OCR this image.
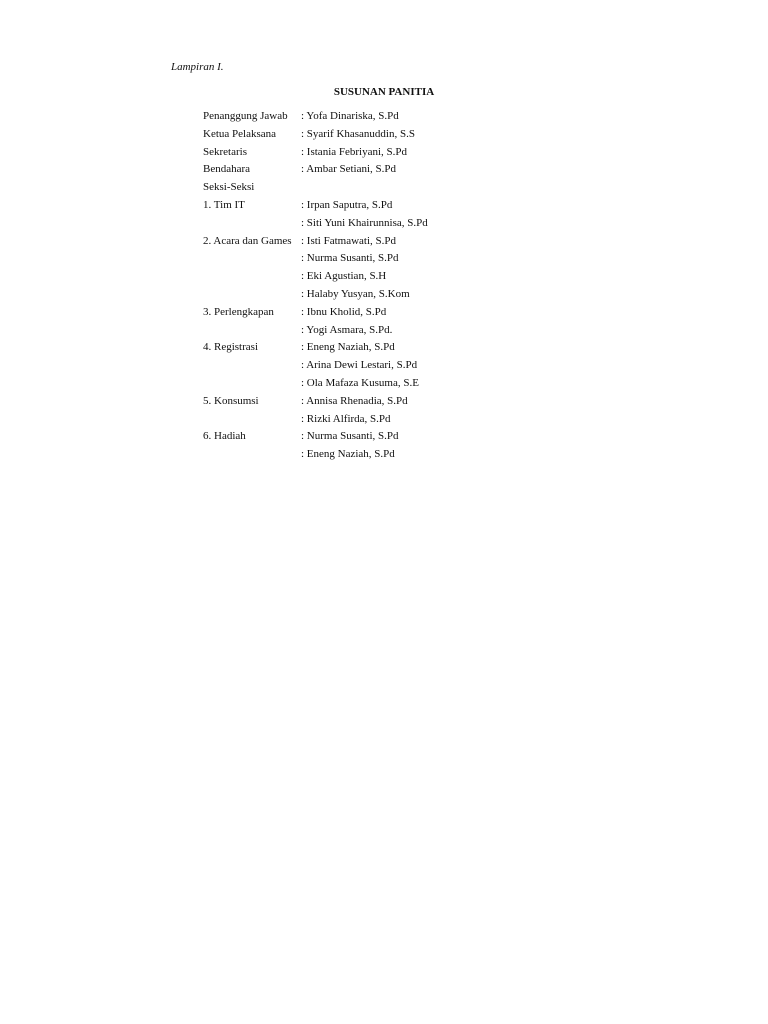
Lampiran I.
SUSUNAN PANITIA
Penanggung Jawab	: Yofa Dinariska, S.Pd
Ketua Pelaksana	: Syarif Khasanuddin, S.S
Sekretaris	: Istania Febriyani, S.Pd
Bendahara	: Ambar Setiani, S.Pd
Seksi-Seksi
1. Tim IT	: Irpan Saputra, S.Pd
: Siti Yuni Khairunnisa, S.Pd
2. Acara dan Games : Isti Fatmawati, S.Pd
: Nurma Susanti, S.Pd
: Eki Agustian, S.H
: Halaby Yusyan, S.Kom
3. Perlengkapan	: Ibnu Kholid, S.Pd
: Yogi Asmara, S.Pd.
4. Registrasi	: Eneng Naziah, S.Pd
: Arina Dewi Lestari, S.Pd
: Ola Mafaza Kusuma, S.E
5. Konsumsi	: Annisa Rhenadia, S.Pd
: Rizki Alfirda, S.Pd
6. Hadiah	: Nurma Susanti, S.Pd
: Eneng Naziah, S.Pd
